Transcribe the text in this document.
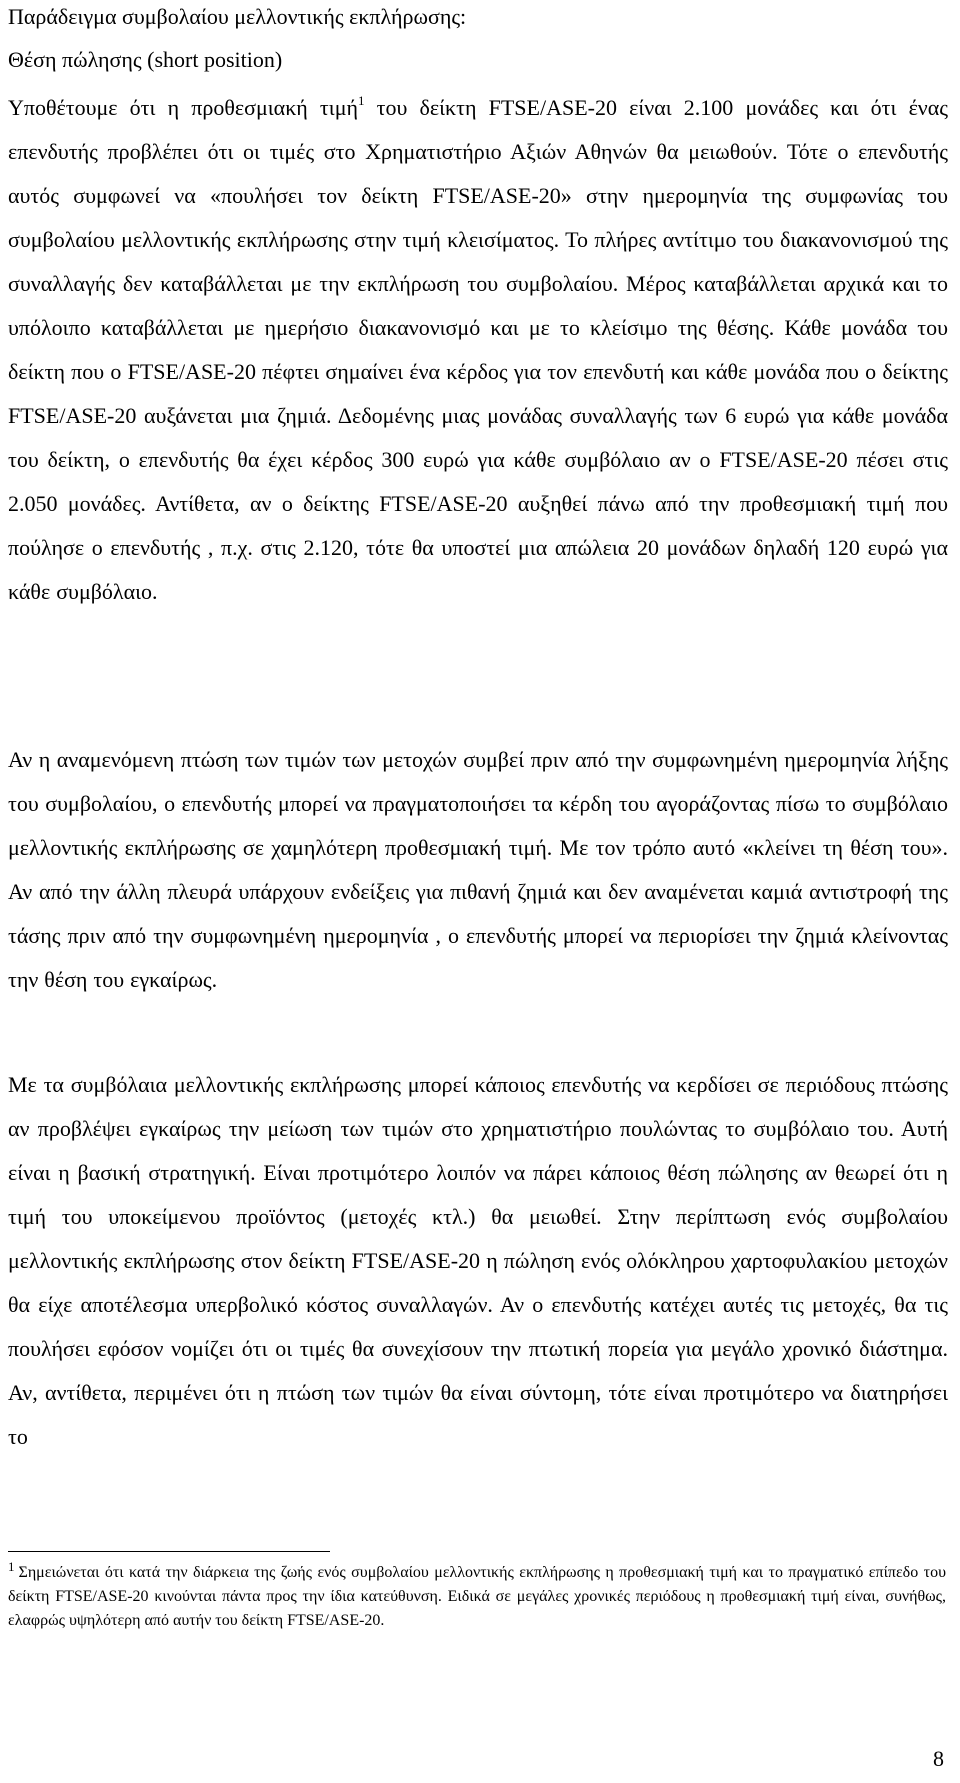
Παράδειγμα συμβολαίου μελλοντικής εκπλήρωσης:
Θέση πώλησης (short position)

Υποθέτουμε ότι η προθεσμιακή τιμή$^1$ του δείκτη FTSE/ASE-20 είναι 2.100 μονάδες και ότι ένας επενδυτής προβλέπει ότι οι τιμές στο Χρηματιστήριο Αξιών Αθηνών θα μειωθούν. Τότε ο επενδυτής αυτός συμφωνεί να «πουλήσει τον δείκτη FTSE/ASE-20» στην ημερομηνία της συμφωνίας του συμβολαίου μελλοντικής εκπλήρωσης στην τιμή κλεισίματος. Το πλήρες αντίτιμο του διακανονισμού της συναλλαγής δεν καταβάλλεται με την εκπλήρωση του συμβολαίου. Μέρος καταβάλλεται αρχικά και το υπόλοιπο καταβάλλεται με ημερήσιο διακανονισμό και με το κλείσιμο της θέσης. Κάθε μονάδα του δείκτη που ο FTSE/ASE-20 πέφτει σημαίνει ένα κέρδος για τον επενδυτή και κάθε μονάδα που ο δείκτης FTSE/ASE-20 αυξάνεται μια ζημιά. Δεδομένης μιας μονάδας συναλλαγής των 6 ευρώ για κάθε μονάδα του δείκτη, ο επενδυτής θα έχει κέρδος 300 ευρώ για κάθε συμβόλαιο αν ο FTSE/ASE-20 πέσει στις 2.050 μονάδες. Αντίθετα, αν ο δείκτης FTSE/ASE-20 αυξηθεί πάνω από την προθεσμιακή τιμή που πούλησε ο επενδυτής , π.χ. στις 2.120, τότε θα υποστεί μια απώλεια 20 μονάδων δηλαδή 120 ευρώ για κάθε συμβόλαιο.

Αν η αναμενόμενη πτώση των τιμών των μετοχών συμβεί πριν από την συμφωνημένη ημερομηνία λήξης του συμβολαίου, ο επενδυτής μπορεί να πραγματοποιήσει τα κέρδη του αγοράζοντας πίσω το συμβόλαιο μελλοντικής εκπλήρωσης σε χαμηλότερη προθεσμιακή τιμή. Με τον τρόπο αυτό «κλείνει τη θέση του». Αν από την άλλη πλευρά υπάρχουν ενδείξεις για πιθανή ζημιά και δεν αναμένεται καμιά αντιστροφή της τάσης πριν από την συμφωνημένη ημερομηνία , ο επενδυτής μπορεί να περιορίσει την ζημιά κλείνοντας την θέση του εγκαίρως.

Με τα συμβόλαια μελλοντικής εκπλήρωσης μπορεί κάποιος επενδυτής να κερδίσει σε περιόδους πτώσης αν προβλέψει εγκαίρως την μείωση των τιμών στο χρηματιστήριο πουλώντας το συμβόλαιο του. Αυτή είναι η βασική στρατηγική. Είναι προτιμότερο λοιπόν να πάρει κάποιος θέση πώλησης αν θεωρεί ότι η τιμή του υποκείμενου προϊόντος (μετοχές κτλ.) θα μειωθεί. Στην περίπτωση ενός συμβολαίου μελλοντικής εκπλήρωσης στον δείκτη FTSE/ASE-20 η πώληση ενός ολόκληρου χαρτοφυλακίου μετοχών θα είχε αποτέλεσμα υπερβολικό κόστος συναλλαγών. Αν ο επενδυτής κατέχει αυτές τις μετοχές, θα τις πουλήσει εφόσον νομίζει ότι οι τιμές θα συνεχίσουν την πτωτική πορεία για μεγάλο χρονικό διάστημα. Αν, αντίθετα, περιμένει ότι η πτώση των τιμών θα είναι σύντομη, τότε είναι προτιμότερο να διατηρήσει το

$^1$ Σημειώνεται ότι κατά την διάρκεια της ζωής ενός συμβολαίου μελλοντικής εκπλήρωσης η προθεσμιακή τιμή και το πραγματικό επίπεδο του δείκτη FTSE/ASE-20 κινούνται πάντα προς την ίδια κατεύθυνση. Ειδικά σε μεγάλες χρονικές περιόδους η προθεσμιακή τιμή είναι, συνήθως, ελαφρώς υψηλότερη από αυτήν του δείκτη FTSE/ASE-20.
8
